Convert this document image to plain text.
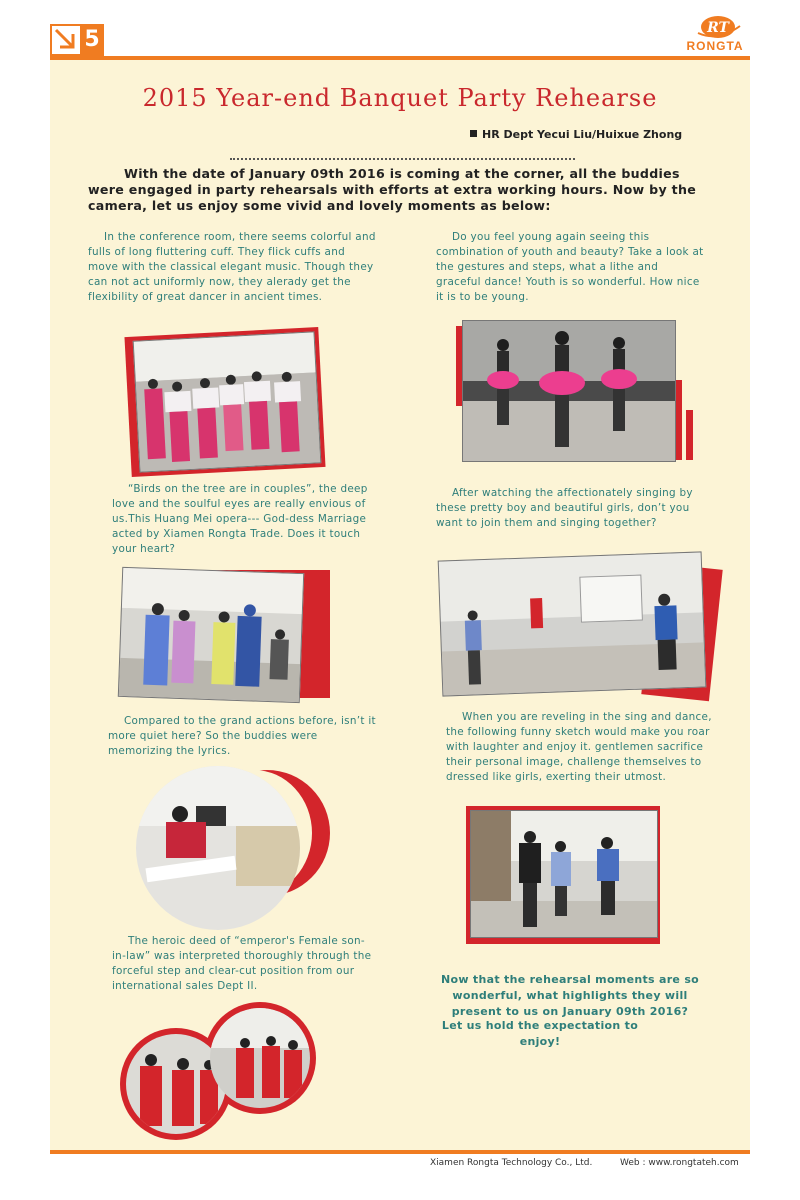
5	RT
RONGTA
2015 Year-end Banquet Party Rehearse
HR Dept Yecui Liu/Huixue Zhong
With the date of January 09th 2016 is coming at the corner, all the buddies were engaged in party rehearsals with efforts at extra working hours. Now by the camera, let us enjoy some vivid and lovely moments as below:
In the conference room, there seems colorful and fulls of long fluttering cuff. They flick cuffs and move with the classical elegant music. Though they can not act uniformly now, they alerady get the flexibility of great dancer in ancient times.
Do you feel young again seeing this combination of youth and beauty? Take a look at the gestures and steps, what a lithe and graceful dance! Youth is so wonderful. How nice it is to be young.
“Birds on the tree are in couples”, the deep love and the soulful eyes are really envious of us.This Huang Mei opera--- God-dess Marriage acted by Xiamen Rongta Trade. Does it touch your heart?
After watching the affectionately singing by these pretty boy and beautiful girls, don’t you want to join them and singing together?
Compared to the grand actions before, isn’t it more quiet here? So the buddies were memorizing the lyrics.
When you are reveling in the sing and dance, the following funny sketch would make you roar with laughter and enjoy it. gentlemen sacrifice their personal image, challenge themselves to dressed like girls, exerting their utmost.
The heroic deed of “emperor's Female son-in-law” was interpreted thoroughly through the forceful step and clear-cut position from our international sales Dept II.	Now that the rehearsal moments are so wonderful, what highlights they will present to us on January 09th 2016?
Let us hold the expectation to enjoy!
Xiamen Rongta Technology Co., Ltd.	Web : www.rongtateh.com
